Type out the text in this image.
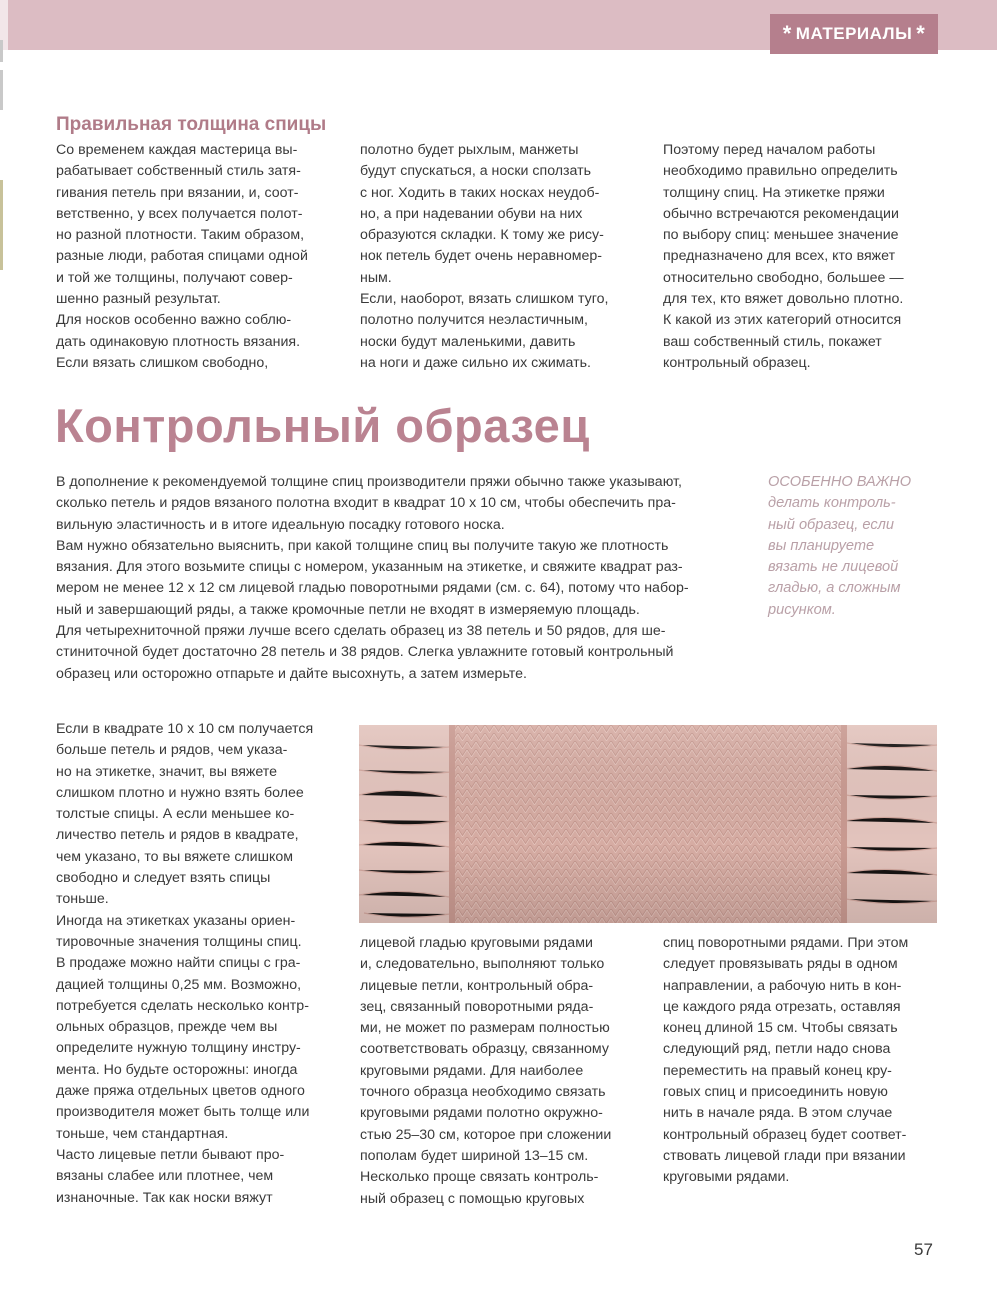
* МАТЕРИАЛЫ *
Правильная толщина спицы
Со временем каждая мастерица вы-
рабатывает собственный стиль затя-
гивания петель при вязании, и, соот-
ветственно, у всех получается полот-
но разной плотности. Таким образом,
разные люди, работая спицами одной
и той же толщины, получают совер-
шенно разный результат.
Для носков особенно важно соблю-
дать одинаковую плотность вязания.
Если вязать слишком свободно,
полотно будет рыхлым, манжеты
будут спускаться, а носки сползать
с ног. Ходить в таких носках неудоб-
но, а при надевании обуви на них
образуются складки. К тому же рису-
нок петель будет очень неравномер-
ным.
Если, наоборот, вязать слишком туго,
полотно получится неэластичным,
носки будут маленькими, давить
на ноги и даже сильно их сжимать.
Поэтому перед началом работы
необходимо правильно определить
толщину спиц. На этикетке пряжи
обычно встречаются рекомендации
по выбору спиц: меньшее значение
предназначено для всех, кто вяжет
относительно свободно, большее —
для тех, кто вяжет довольно плотно.
К какой из этих категорий относится
ваш собственный стиль, покажет
контрольный образец.
Контрольный образец
В дополнение к рекомендуемой толщине спиц производители пряжи обычно также указывают,
сколько петель и рядов вязаного полотна входит в квадрат 10 х 10 см, чтобы обеспечить пра-
вильную эластичность и в итоге идеальную посадку готового носка.
Вам нужно обязательно выяснить, при какой толщине спиц вы получите такую же плотность
вязания. Для этого возьмите спицы с номером, указанным на этикетке, и свяжите квадрат раз-
мером не менее 12 х 12 см лицевой гладью поворотными рядами (см. с. 64), потому что набор-
ный и завершающий ряды, а также кромочные петли не входят в измеряемую площадь.
Для четырехниточной пряжи лучше всего сделать образец из 38 петель и 50 рядов, для ше-
стиниточной будет достаточно 28 петель и 38 рядов. Слегка увлажните готовый контрольный
образец или осторожно отпарьте и дайте высохнуть, а затем измерьте.
ОСОБЕННО ВАЖНО
делать контроль-
ный образец, если
вы планируете
вязать не лицевой
гладью, а сложным
рисунком.
Если в квадрате 10 х 10 см получается
больше петель и рядов, чем указа-
но на этикетке, значит, вы вяжете
слишком плотно и нужно взять более
толстые спицы. А если меньшее ко-
личество петель и рядов в квадрате,
чем указано, то вы вяжете слишком
свободно и следует взять спицы
тоньше.
Иногда на этикетках указаны ориен-
тировочные значения толщины спиц.
В продаже можно найти спицы с гра-
дацией толщины 0,25 мм. Возможно,
потребуется сделать несколько контр-
ольных образцов, прежде чем вы
определите нужную толщину инстру-
мента. Но будьте осторожны: иногда
даже пряжа отдельных цветов одного
производителя может быть толще или
тоньше, чем стандартная.
Часто лицевые петли бывают про-
вязаны слабее или плотнее, чем
изнаночные. Так как носки вяжут
лицевой гладью круговыми рядами
и, следовательно, выполняют только
лицевые петли, контрольный обра-
зец, связанный поворотными ряда-
ми, не может по размерам полностью
соответствовать образцу, связанному
круговыми рядами. Для наиболее
точного образца необходимо связать
круговыми рядами полотно окружно-
стью 25–30 см, которое при сложении
пополам будет шириной 13–15 см.
Несколько проще связать контроль-
ный образец с помощью круговых
спиц поворотными рядами. При этом
следует провязывать ряды в одном
направлении, а рабочую нить в кон-
це каждого ряда отрезать, оставляя
конец длиной 15 см. Чтобы связать
следующий ряд, петли надо снова
переместить на правый конец кру-
говых спиц и присоединить новую
нить в начале ряда. В этом случае
контрольный образец будет соответ-
ствовать лицевой глади при вязании
круговыми рядами.
57
